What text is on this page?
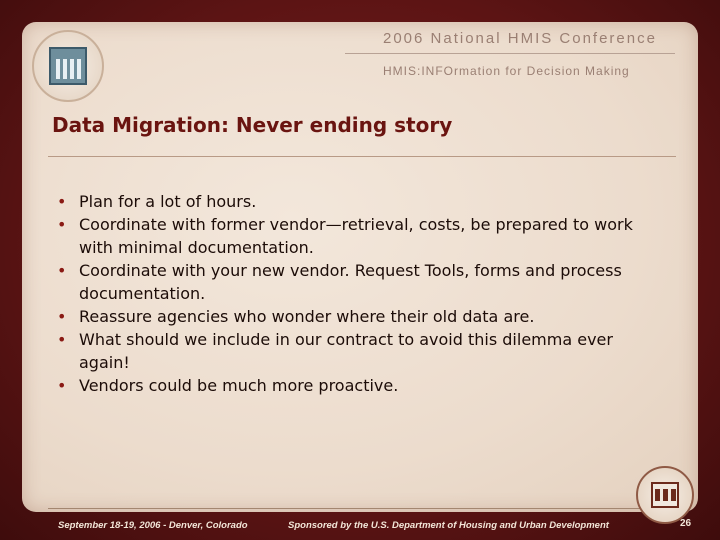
2006 National HMIS Conference
HMIS:INFOrmation for Decision Making
Data Migration: Never ending story
• Plan for a lot of hours.
• Coordinate with former vendor—retrieval, costs, be prepared to work with minimal documentation.
• Coordinate with your new vendor. Request Tools, forms and process documentation.
• Reassure agencies who wonder where their old data are.
• What should we include in our contract to avoid this dilemma ever again!
• Vendors could be much more proactive.
September 18-19, 2006 - Denver, Colorado	Sponsored by the U.S. Department of Housing and Urban Development	26
